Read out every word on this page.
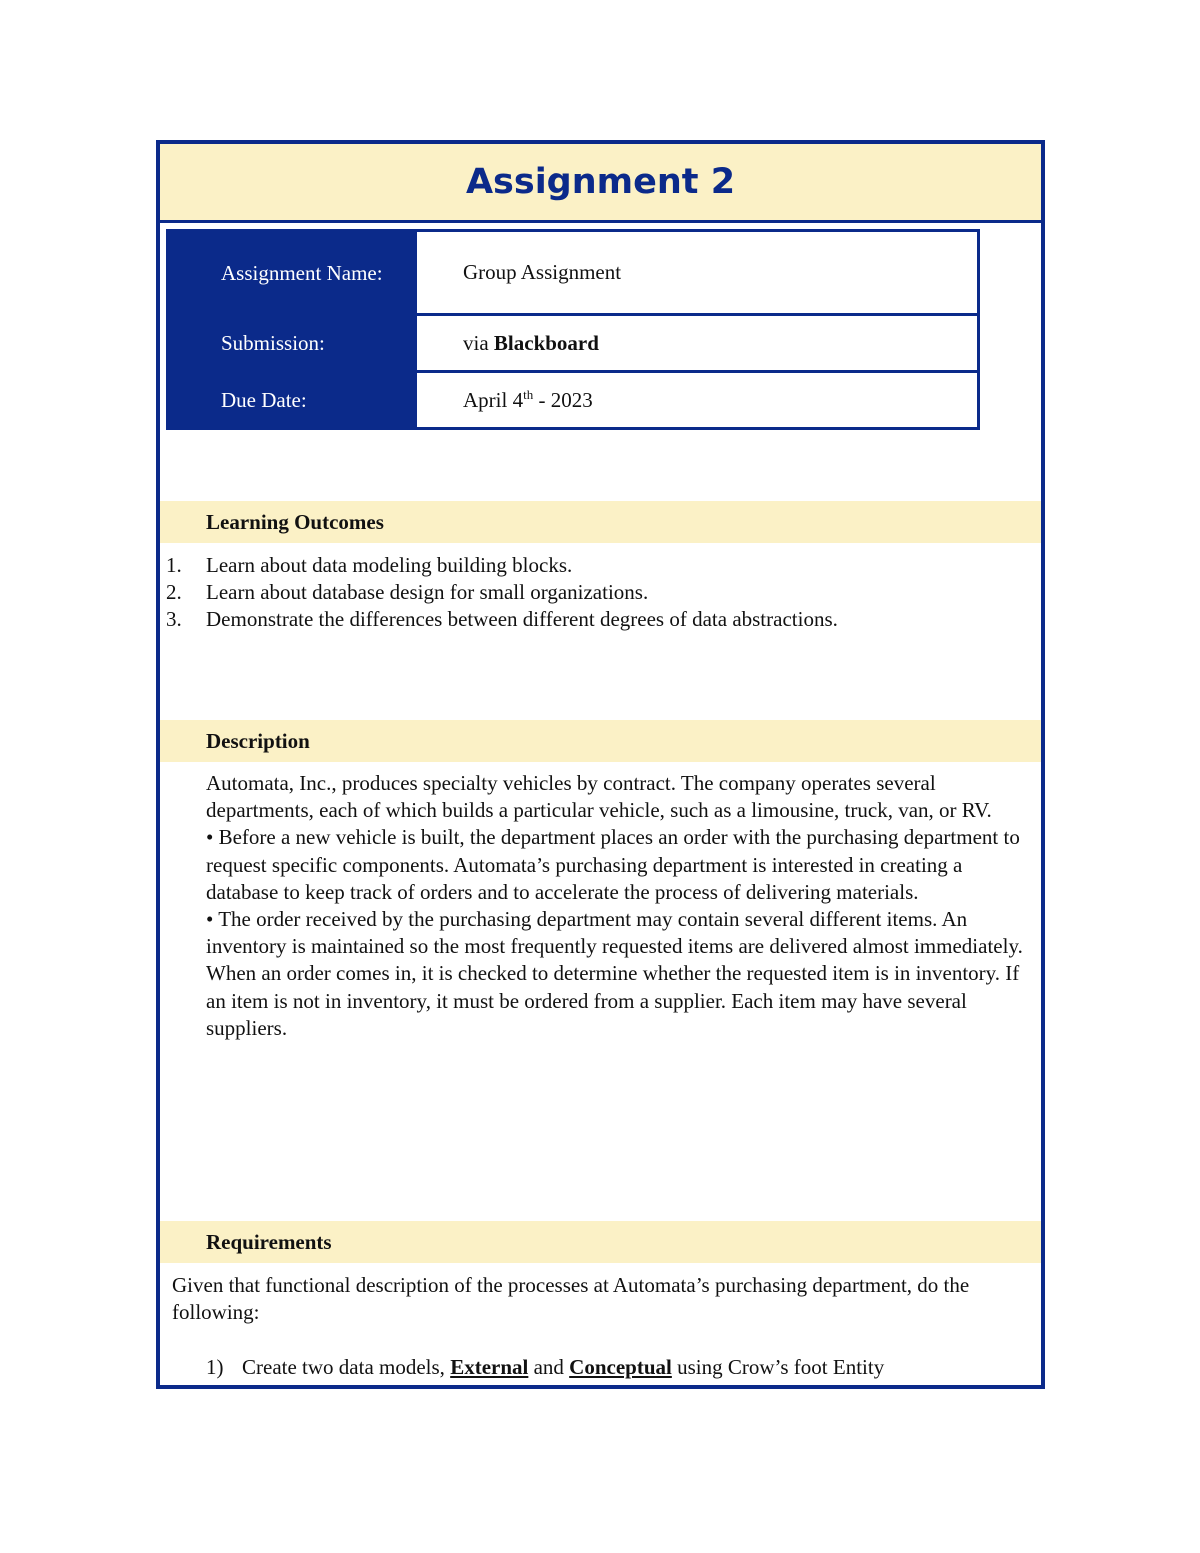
Assignment 2
Assignment Name:	Group Assignment
Submission:	via Blackboard
Due Date:	April 4th - 2023
Learning Outcomes
1. Learn about data modeling building blocks.
2. Learn about database design for small organizations.
3. Demonstrate the differences between different degrees of data abstractions.
Description

Automata, Inc., produces specialty vehicles by contract. The company operates several departments, each of which builds a particular vehicle, such as a limousine, truck, van, or RV.

• Before a new vehicle is built, the department places an order with the purchasing department to request specific components. Automata’s purchasing department is interested in creating a database to keep track of orders and to accelerate the process of delivering materials.

• The order received by the purchasing department may contain several different items. An inventory is maintained so the most frequently requested items are delivered almost immediately. When an order comes in, it is checked to determine whether the requested item is in inventory. If an item is not in inventory, it must be ordered from a supplier. Each item may have several suppliers.

Requirements

Given that functional description of the processes at Automata’s purchasing department, do the following:

1) Create two data models, External and Conceptual using Crow’s foot Entity
